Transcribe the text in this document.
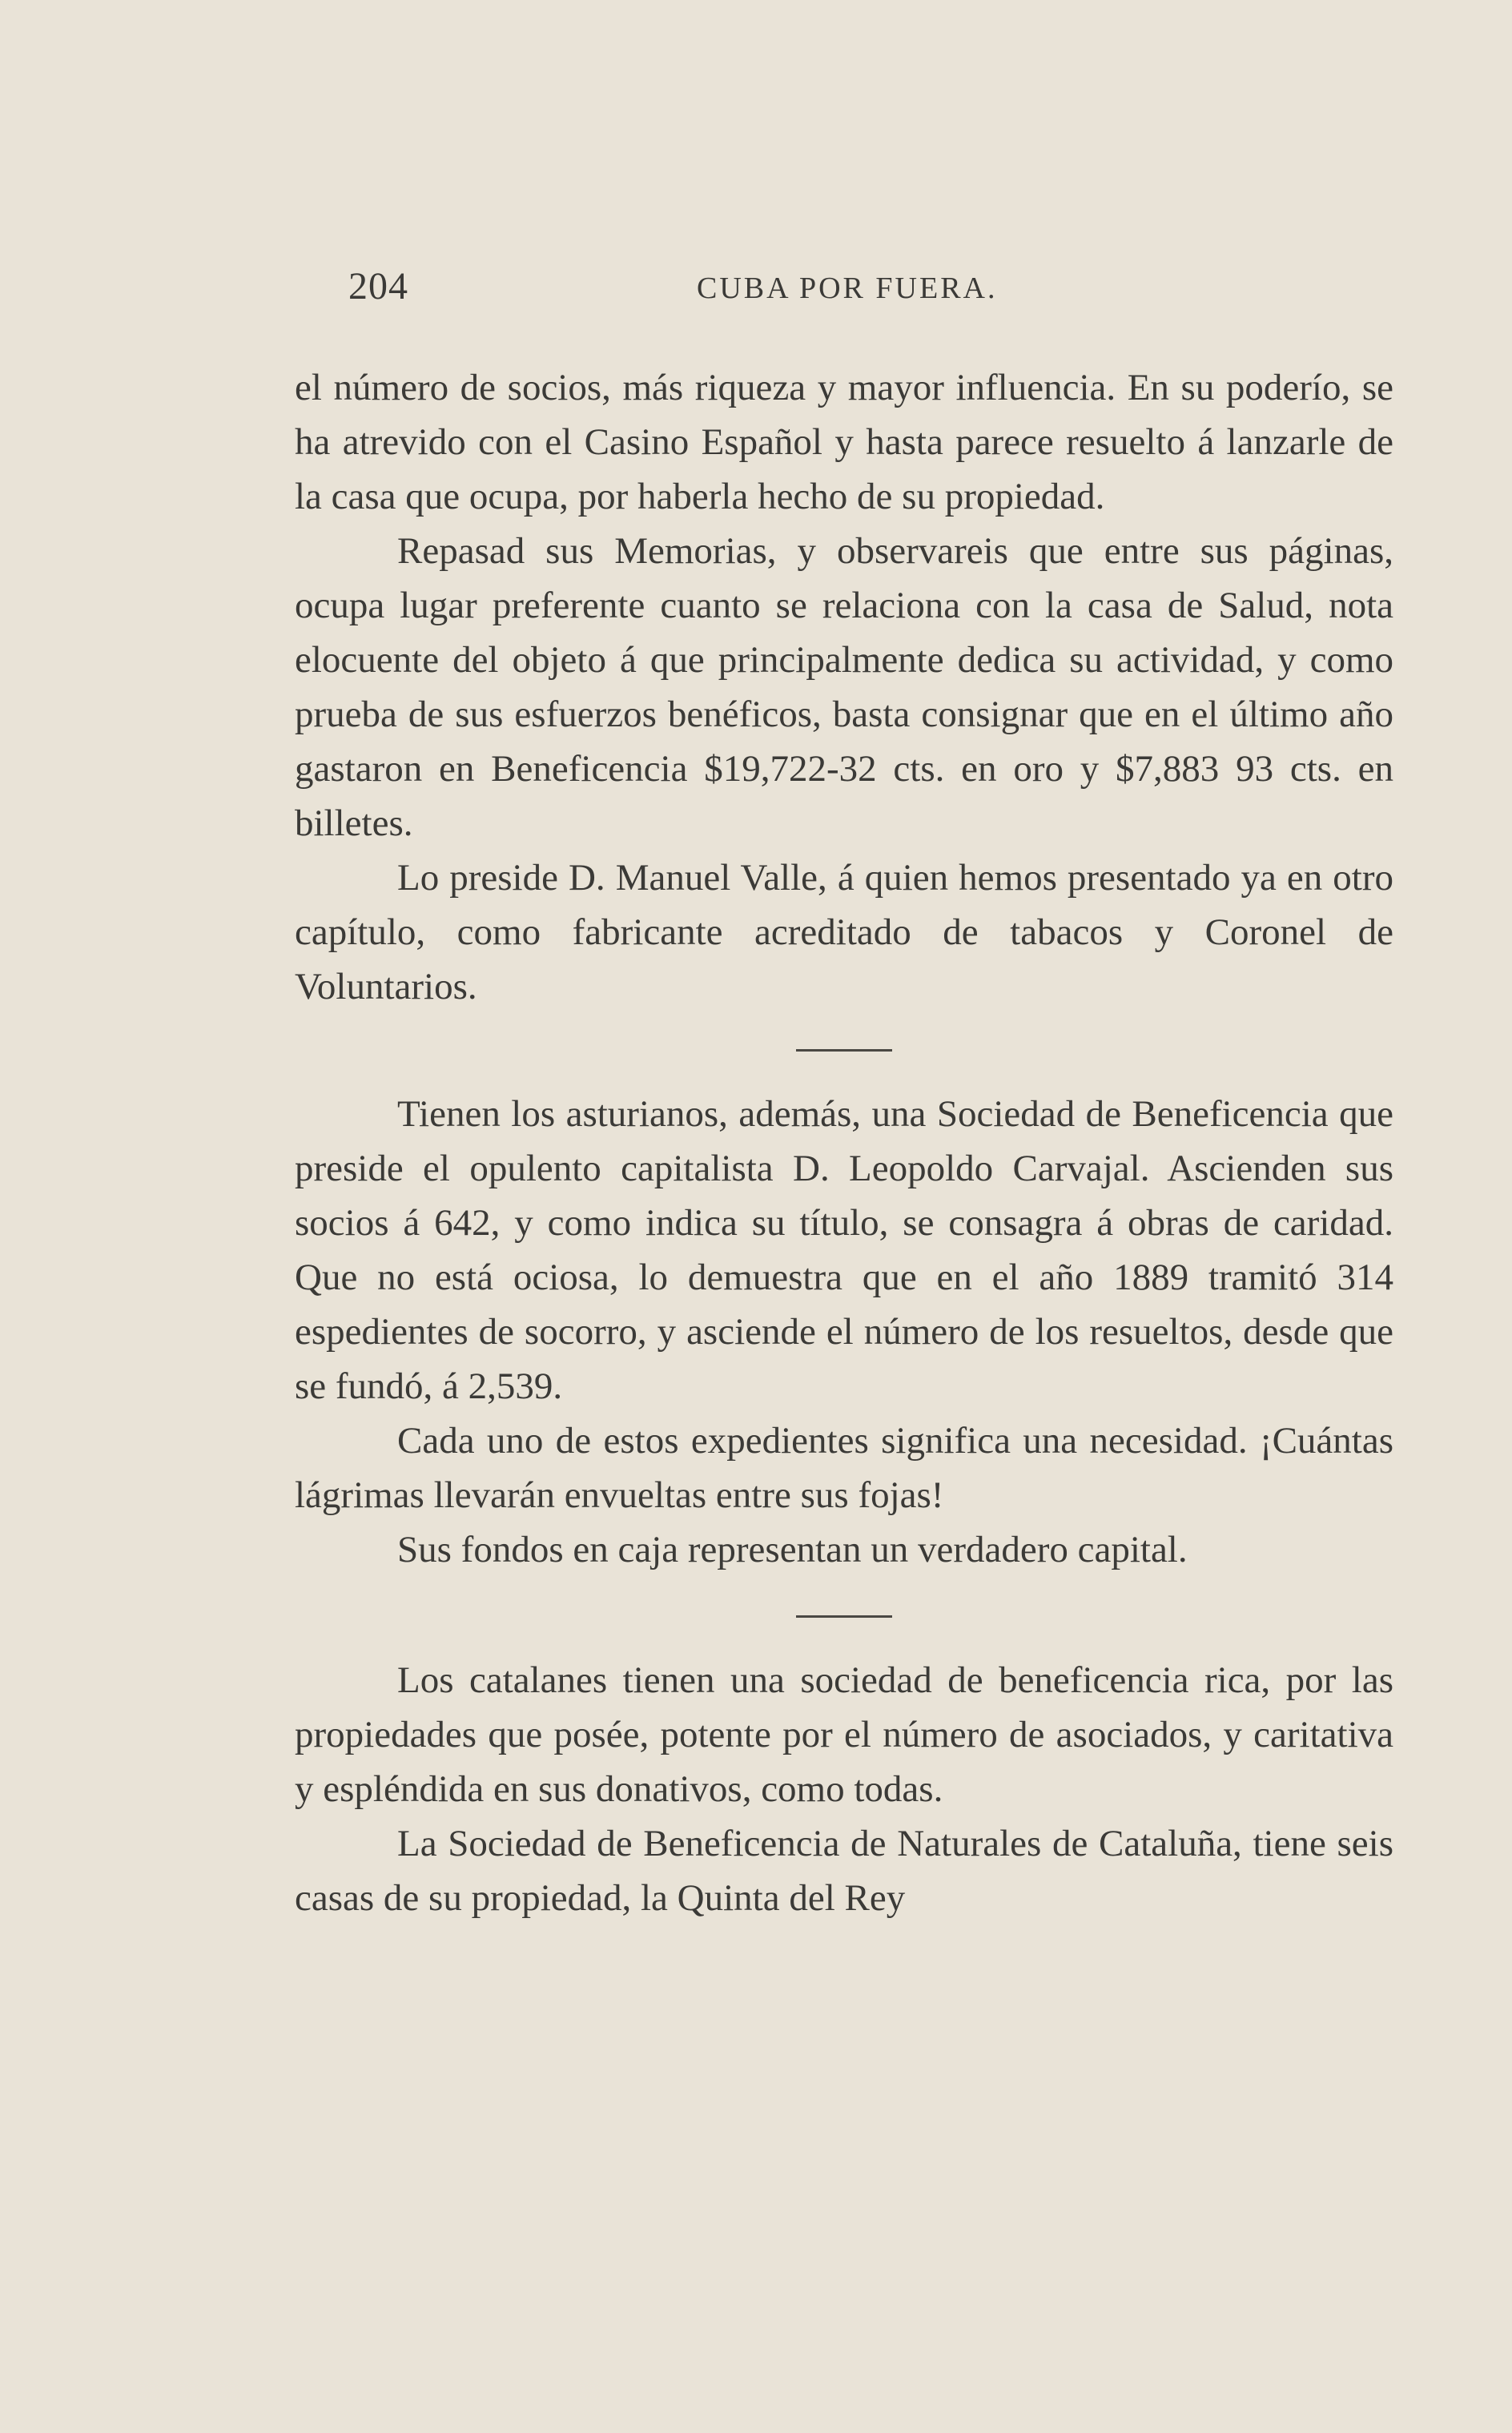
204	CUBA POR FUERA.

el número de socios, más riqueza y mayor influencia. En su poderío, se ha atrevido con el Casino Español y hasta parece resuelto á lanzarle de la casa que ocupa, por haberla hecho de su propiedad.

Repasad sus Memorias, y observareis que entre sus páginas, ocupa lugar preferente cuanto se relaciona con la casa de Salud, nota elocuente del objeto á que principalmente dedica su actividad, y como prueba de sus esfuerzos benéficos, basta consignar que en el último año gastaron en Beneficencia $19,722-32 cts. en oro y $7,883 93 cts. en billetes.

Lo preside D. Manuel Valle, á quien hemos presentado ya en otro capítulo, como fabricante acreditado de tabacos y Coronel de Voluntarios.

Tienen los asturianos, además, una Sociedad de Beneficencia que preside el opulento capitalista D. Leopoldo Carvajal. Ascienden sus socios á 642, y como indica su título, se consagra á obras de caridad. Que no está ociosa, lo demuestra que en el año 1889 tramitó 314 espedientes de socorro, y asciende el número de los resueltos, desde que se fundó, á 2,539.

Cada uno de estos expedientes significa una necesidad. ¡Cuántas lágrimas llevarán envueltas entre sus fojas!

Sus fondos en caja representan un verdadero capital.

Los catalanes tienen una sociedad de beneficencia rica, por las propiedades que posée, potente por el número de asociados, y caritativa y espléndida en sus donativos, como todas.

La Sociedad de Beneficencia de Naturales de Cataluña, tiene seis casas de su propiedad, la Quinta del Rey
